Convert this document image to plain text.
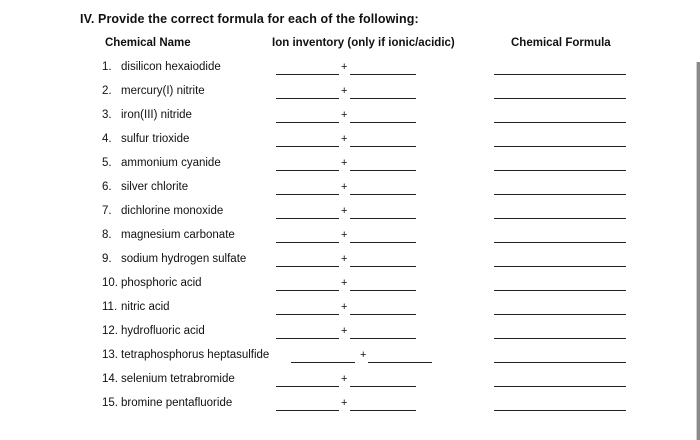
IV. Provide the correct formula for each of the following:
Chemical Name	Ion inventory (only if ionic/acidic)	Chemical Formula
1. disilicon hexaiodide	+
2. mercury(I) nitrite	+
3. iron(III) nitride	+
4. sulfur trioxide	+
5. ammonium cyanide	+
6. silver chlorite	+
7. dichlorine monoxide	+
8. magnesium carbonate	+
9. sodium hydrogen sulfate	+
10. phosphoric acid	+
11. nitric acid	+
12. hydrofluoric acid	+
13. tetraphosphorus heptasulfide	+
14. selenium tetrabromide	+
15. bromine pentafluoride	+
